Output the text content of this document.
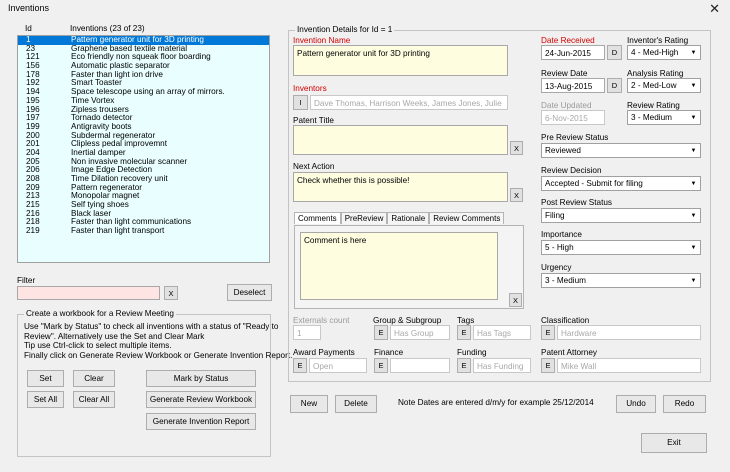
Inventions	✕
Id	Inventions (23 of 23)
1	Pattern generator unit for 3D printing
23	Graphene based textile material
121	Eco friendly non squeak floor boarding
156	Automatic plastic separator
178	Faster than light ion drive
192	Smart Toaster
194	Space telescope using an array of mirrors.
195	Time Vortex
196	Zipless trousers
197	Tornado detector
199	Antigravity boots
200	Subdermal regenerator
201	Clipless pedal improvemnt
204	Inertial damper
205	Non invasive molecular scanner
206	Image Edge Detection
208	Time Dilation recovery unit
209	Pattern regenerator
213	Monopolar magnet
215	Self tying shoes
216	Black laser
218	Faster than light communications
219	Faster than light transport
Filter
X	Deselect
Create a workbook for a Review Meeting
Use "Mark by Status" to check all inventions with a status of "Ready to
Review". Alternatively use the Set and Clear Mark
Tip use Ctrl-click to select multiple items.
Finally click on Generate Review Workbook or Generate Invention Report.
Set	Clear	Mark by Status
Set All	Clear All	Generate Review Workbook
Generate Invention Report
Invention Details for Id = 1
Invention Name
Pattern generator unit for 3D printing
Inventors
I	Dave Thomas, Harrison Weeks, James Jones, Julie
Patent Title
X
Next Action
Check whether this is possible!
X
Comments	PreReview	Rationale	Review Comments
Comment is here
X
Date Received
24-Jun-2015	D
Review Date
13-Aug-2015	D
Date Updated
6-Nov-2015
Inventor's Rating
4 - Med-High	▼
Analysis Rating
2 - Med-Low	▼
Review Rating
3 - Medium	▼
Pre Review Status
Reviewed	▼
Review Decision
Accepted - Submit for filing	▼
Post Review Status
Filing	▼
Importance
5 - High	▼
Urgency
3 - Medium	▼
Externals count
1
Group & Subgroup
E	Has Group
Tags
E	Has Tags
Classification
E	Hardware
Award Payments
E	Open
Finance
E
Funding
E	Has Funding
Patent Attorney
E	Mike Wall
New	Delete	Note Dates are entered d/m/y for example 25/12/2014	Undo	Redo
Exit
